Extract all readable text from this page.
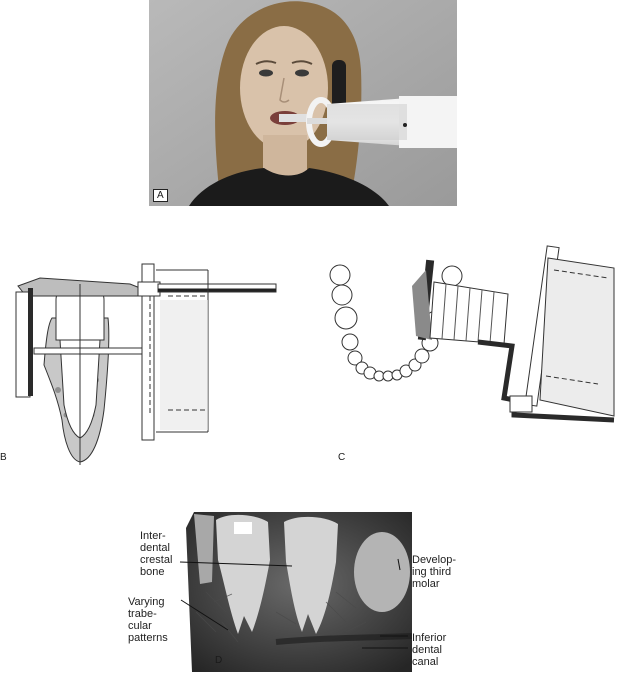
A
B	C
Inter-
dental
crestal
bone
Varying
trabe-
cular
patterns
Develop-
ing third
molar
Inferior
dental
canal
D
